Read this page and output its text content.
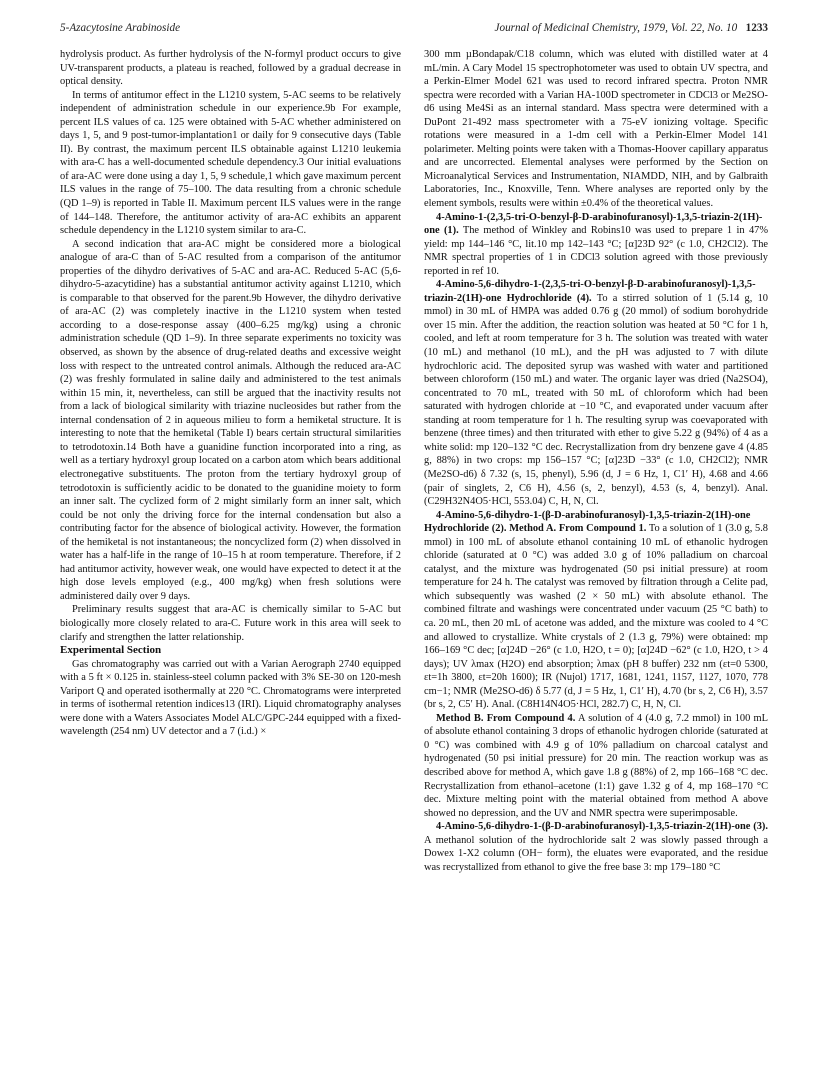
5-Azacytosine Arabinoside	Journal of Medicinal Chemistry, 1979, Vol. 22, No. 10 1233

hydrolysis product. As further hydrolysis of the N-formyl product occurs to give UV-transparent products, a plateau is reached, followed by a gradual decrease in optical density.

In terms of antitumor effect in the L1210 system, 5-AC seems to be relatively independent of administration schedule in our experience.9b For example, percent ILS values of ca. 125 were obtained with 5-AC whether administered on days 1, 5, and 9 post-tumor-implantation1 or daily for 9 consecutive days (Table II). By contrast, the maximum percent ILS obtainable against L1210 leukemia with ara-C has a well-documented schedule dependency.3 Our initial evaluations of ara-AC were done using a day 1, 5, 9 schedule,1 which gave maximum percent ILS values in the range of 75–100. The data resulting from a chronic schedule (QD 1–9) is reported in Table II. Maximum percent ILS values were in the range of 144–148. Therefore, the antitumor activity of ara-AC exhibits an apparent schedule dependency in the L1210 system similar to ara-C.

A second indication that ara-AC might be considered more a biological analogue of ara-C than of 5-AC resulted from a comparison of the antitumor properties of the dihydro derivatives of 5-AC and ara-AC. Reduced 5-AC (5,6-dihydro-5-azacytidine) has a substantial antitumor activity against L1210, which is comparable to that observed for the parent.9b However, the dihydro derivative of ara-AC (2) was completely inactive in the L1210 system when tested according to a dose-response assay (400–6.25 mg/kg) using a chronic administration schedule (QD 1–9). In three separate experiments no toxicity was observed, as shown by the absence of drug-related deaths and excessive weight loss with respect to the untreated control animals. Although the reduced ara-AC (2) was freshly formulated in saline daily and administered to the test animals within 15 min, it, nevertheless, can still be argued that the inactivity results not from a lack of biological similarity with triazine nucleosides but rather from the internal condensation of 2 in aqueous milieu to form a hemiketal structure. It is interesting to note that the hemiketal (Table I) bears certain structural similarities to tetrodotoxin.14 Both have a guanidine function incorporated into a ring, as well as a tertiary hydroxyl group located on a carbon atom which bears additional electronegative substituents. The proton from the tertiary hydroxyl group of tetrodotoxin is sufficiently acidic to be donated to the guanidine moiety to form an inner salt. The cyclized form of 2 might similarly form an inner salt, which could be not only the driving force for the internal condensation but also a contributing factor for the absence of biological activity. However, the formation of the hemiketal is not instantaneous; the noncyclized form (2) when dissolved in water has a half-life in the range of 10–15 h at room temperature. Therefore, if 2 had antitumor activity, however weak, one would have expected to detect it at the high dose levels employed (e.g., 400 mg/kg) when fresh solutions were administered daily over 9 days.

Preliminary results suggest that ara-AC is chemically similar to 5-AC but biologically more closely related to ara-C. Future work in this area will seek to clarify and strengthen the latter relationship.

Experimental Section

Gas chromatography was carried out with a Varian Aerograph 2740 equipped with a 5 ft × 0.125 in. stainless-steel column packed with 3% SE-30 on 120-mesh Variport Q and operated isothermally at 220 °C. Chromatograms were interpreted in terms of isothermal retention indices13 (IRI). Liquid chromatography analyses were done with a Waters Associates Model ALC/GPC-244 equipped with a fixed-wavelength (254 nm) UV detector and a 7 (i.d.) ×

300 mm µBondapak/C18 column, which was eluted with distilled water at 4 mL/min. A Cary Model 15 spectrophotometer was used to obtain UV spectra, and a Perkin-Elmer Model 621 was used to record infrared spectra. Proton NMR spectra were recorded with a Varian HA-100D spectrometer in CDCl3 or Me2SO-d6 using Me4Si as an internal standard. Mass spectra were determined with a DuPont 21-492 mass spectrometer with a 75-eV ionizing voltage. Specific rotations were measured in a 1-dm cell with a Perkin-Elmer Model 141 polarimeter. Melting points were taken with a Thomas-Hoover capillary apparatus and are uncorrected. Elemental analyses were performed by the Section on Microanalytical Services and Instrumentation, NIAMDD, NIH, and by Galbraith Laboratories, Inc., Knoxville, Tenn. Where analyses are reported only by the element symbols, results were within ±0.4% of the theoretical values.

4-Amino-1-(2,3,5-tri-O-benzyl-β-D-arabinofuranosyl)-1,3,5-triazin-2(1H)-one (1). The method of Winkley and Robins10 was used to prepare 1 in 47% yield: mp 144–146 °C, lit.10 mp 142–143 °C; [α]23D 92° (c 1.0, CH2Cl2). The NMR spectral properties of 1 in CDCl3 solution agreed with those previously reported in ref 10.

4-Amino-5,6-dihydro-1-(2,3,5-tri-O-benzyl-β-D-arabinofuranosyl)-1,3,5-triazin-2(1H)-one Hydrochloride (4). To a stirred solution of 1 (5.14 g, 10 mmol) in 30 mL of HMPA was added 0.76 g (20 mmol) of sodium borohydride over 15 min. After the addition, the reaction solution was heated at 50 °C for 1 h, cooled, and left at room temperature for 3 h. The solution was treated with water (10 mL) and methanol (10 mL), and the pH was adjusted to 7 with dilute hydrochloric acid. The deposited syrup was washed with water and partitioned between chloroform (150 mL) and water. The organic layer was dried (Na2SO4), concentrated to 70 mL, treated with 50 mL of chloroform which had been saturated with hydrogen chloride at −10 °C, and evaporated under vacuum after standing at room temperature for 1 h. The resulting syrup was coevaporated with benzene (three times) and then triturated with ether to give 5.22 g (94%) of 4 as a white solid: mp 120–132 °C dec. Recrystallization from dry benzene gave 4 (4.85 g, 88%) in two crops: mp 156–157 °C; [α]23D −33° (c 1.0, CH2Cl2); NMR (Me2SO-d6) δ 7.32 (s, 15, phenyl), 5.96 (d, J = 6 Hz, 1, C1′ H), 4.68 and 4.66 (pair of singlets, 2, C6 H), 4.56 (s, 2, benzyl), 4.53 (s, 4, benzyl). Anal. (C29H32N4O5·HCl, 553.04) C, H, N, Cl.

4-Amino-5,6-dihydro-1-(β-D-arabinofuranosyl)-1,3,5-triazin-2(1H)-one Hydrochloride (2). Method A. From Compound 1. To a solution of 1 (3.0 g, 5.8 mmol) in 100 mL of absolute ethanol containing 10 mL of ethanolic hydrogen chloride (saturated at 0 °C) was added 3.0 g of 10% palladium on charcoal catalyst, and the mixture was hydrogenated (50 psi initial pressure) at room temperature for 24 h. The catalyst was removed by filtration through a Celite pad, which subsequently was washed (2 × 50 mL) with absolute ethanol. The combined filtrate and washings were concentrated under vacuum (25 °C bath) to ca. 20 mL, then 20 mL of acetone was added, and the mixture was cooled to 4 °C and allowed to crystallize. White crystals of 2 (1.3 g, 79%) were obtained: mp 166–169 °C dec; [α]24D −26° (c 1.0, H2O, t = 0); [α]24D −62° (c 1.0, H2O, t > 4 days); UV λmax (H2O) end absorption; λmax (pH 8 buffer) 232 nm (εt=0 5300, εt=1h 3800, εt=20h 1600); IR (Nujol) 1717, 1681, 1241, 1157, 1127, 1070, 778 cm−1; NMR (Me2SO-d6) δ 5.77 (d, J = 5 Hz, 1, C1′ H), 4.70 (br s, 2, C6 H), 3.57 (br s, 2, C5′ H). Anal. (C8H14N4O5·HCl, 282.7) C, H, N, Cl.

Method B. From Compound 4. A solution of 4 (4.0 g, 7.2 mmol) in 100 mL of absolute ethanol containing 3 drops of ethanolic hydrogen chloride (saturated at 0 °C) was combined with 4.9 g of 10% palladium on charcoal catalyst and hydrogenated (50 psi initial pressure) for 20 min. The reaction workup was as described above for method A, which gave 1.8 g (88%) of 2, mp 166–168 °C dec. Recrystallization from ethanol–acetone (1:1) gave 1.32 g of 4, mp 168–170 °C dec. Mixture melting point with the material obtained from method A above showed no depression, and the UV and NMR spectra were superimposable.

4-Amino-5,6-dihydro-1-(β-D-arabinofuranosyl)-1,3,5-triazin-2(1H)-one (3). A methanol solution of the hydrochloride salt 2 was slowly passed through a Dowex 1-X2 column (OH− form), the eluates were evaporated, and the residue was recrystallized from ethanol to give the free base 3: mp 179–180 °C
